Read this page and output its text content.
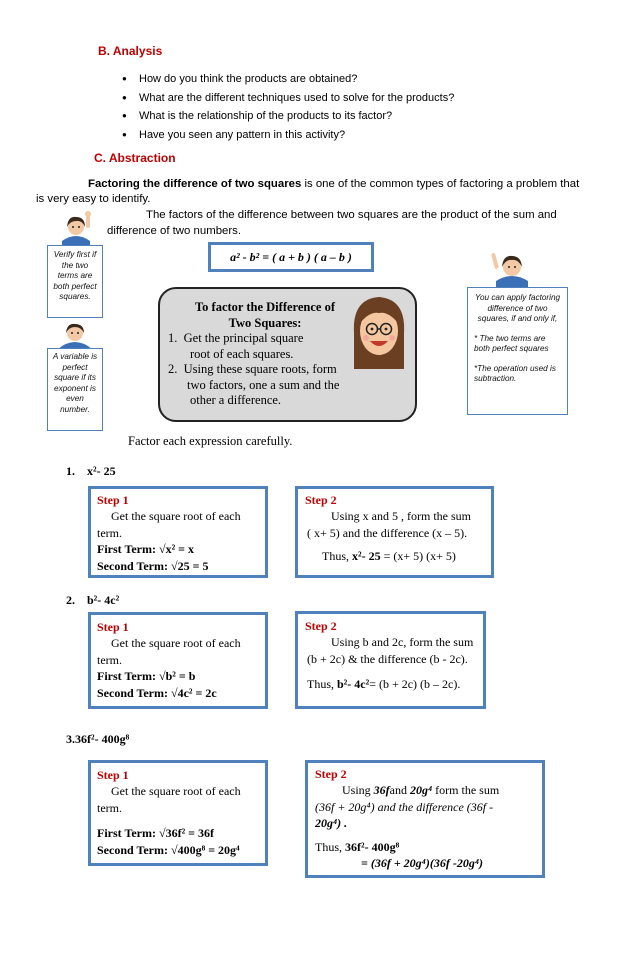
B. Analysis
● How do you think the products are obtained?
● What are the different techniques used to solve for the products?
● What is the relationship of the products to its factor?
● Have you seen any pattern in this activity?
C. Abstraction
Factoring the difference of two squares is one of the common types of factoring a problem that
is very easy to identify.
The factors of the difference between two squares are the product of the sum and
difference of two numbers.
Verify first if the two terms are both perfect squares.
A variable is perfect square if its exponent is even number.
a² - b² = ( a + b ) ( a – b )
To factor the Difference of
Two Squares:
1.  Get the principal square
root of each squares.
2.  Using these square roots, form
two factors, one a sum and the
other a difference.
You can apply factoring difference of two squares, if and only if,
* The two terms are both perfect squares
*The operation used is subtraction.
Factor each expression carefully.
1. x²- 25
Step 1
Get the square root of each term.
First Term: √x² = x
Second Term: √25 = 5
Step 2
Using x and 5 , form the sum
( x+ 5) and the difference (x – 5).
Thus, x²- 25 = (x+ 5) (x+ 5)
2. b²- 4c²
Step 1
Get the square root of each term.
First Term: √b² = b
Second Term: √4c² = 2c
Step 2
Using b and 2c, form the sum
(b + 2c) & the difference (b - 2c).
Thus, b²- 4c²= (b + 2c) (b – 2c).
3.36f²- 400g⁸
Step 1
Get the square root of each term.
First Term: √36f² = 36f
Second Term: √400g⁸ = 20g⁴
Step 2
Using 36fand 20g⁴ form the sum
(36f + 20g⁴) and the difference (36f -
20g⁴) .
Thus, 36f²- 400g⁸
= (36f + 20g⁴)(36f -20g⁴)
